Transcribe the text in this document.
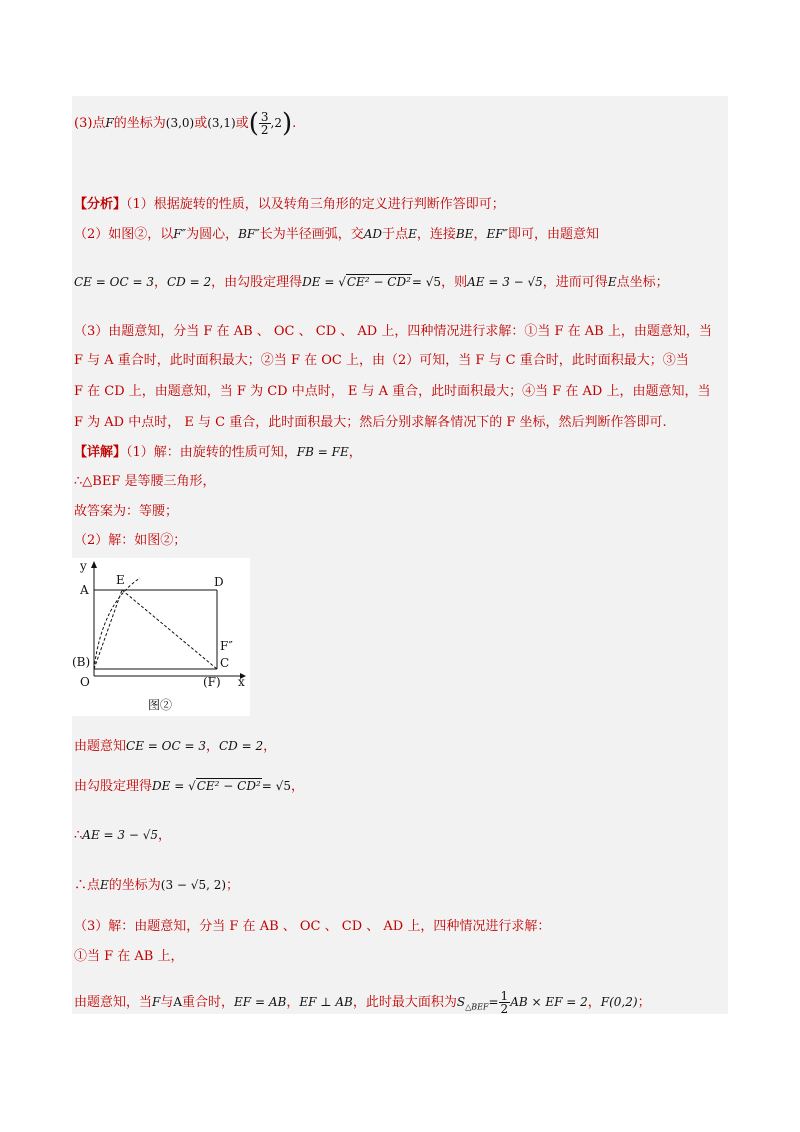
(3)点F的坐标为(3,0)或(3,1)或( $\frac{3}{2} ,2$).
【分析】（1）根据旋转的性质，以及转角三角形的定义进行判断作答即可；
（2）如图②，以F″为圆心，BF″长为半径画弧，交AD于点E，连接BE，EF″即可，由题意知
CE = OC = 3，CD = 2，由勾股定理得DE = √CE² − CD²= √5，则AE = 3 − √5，进而可得E点坐标；
（3）由题意知，分当 F 在 AB 、 OC 、 CD 、 AD 上，四种情况进行求解：①当 F 在 AB 上，由题意知，当
F 与 A 重合时，此时面积最大；②当 F 在 OC 上，由（2）可知，当 F 与 C 重合时，此时面积最大；③当
F 在 CD 上，由题意知，当 F 为 CD 中点时， E 与 A 重合，此时面积最大；④当 F 在 AD 上，由题意知，当
F 为 AD 中点时， E 与 C 重合，此时面积最大；然后分别求解各情况下的 F 坐标，然后判断作答即可.
【详解】（1）解：由旋转的性质可知，FB = FE，
∴△BEF 是等腰三角形，
故答案为：等腰；
（2）解：如图②；
y
A
E	D
F″
(B)	C
O	(F) x
图②
由题意知CE = OC = 3，CD = 2，
由勾股定理得DE = √CE² − CD²= √5，
∴AE = 3 − √5，
∴点E的坐标为(3 − √5, 2)；
（3）解：由题意知，分当 F 在 AB 、 OC 、 CD 、 AD 上，四种情况进行求解：
①当 F 在 AB 上，
由题意知，当F与A重合时，EF = AB，EF ⊥ AB，此时最大面积为$S_{\triangle BEF}= \frac{1}{2}$ AB × EF = 2，F(0,2)；
